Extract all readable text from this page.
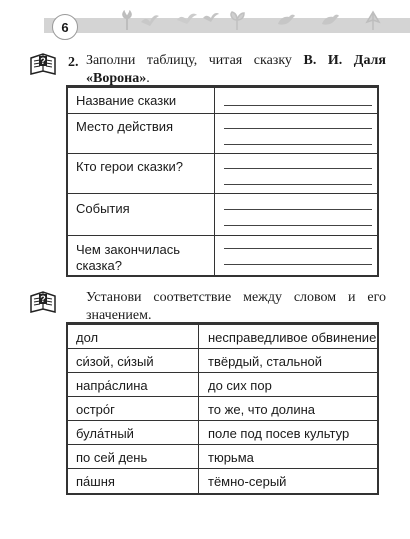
6
? 2. Заполни таблицу, читая сказку В. И. Даля «Ворона».
Название сказки
Место действия
Кто герои сказки?
События
Чем закончилась сказка?
?	Установи соответствие между словом и его значением.
дол	несправедливое обвинение
си́зой, си́зый	твёрдый, стальной
напра́слина	до сих пор
остро́г	то же, что долина
була́тный	поле под посев культур
по сей день	тюрьма
па́шня	тёмно-серый
